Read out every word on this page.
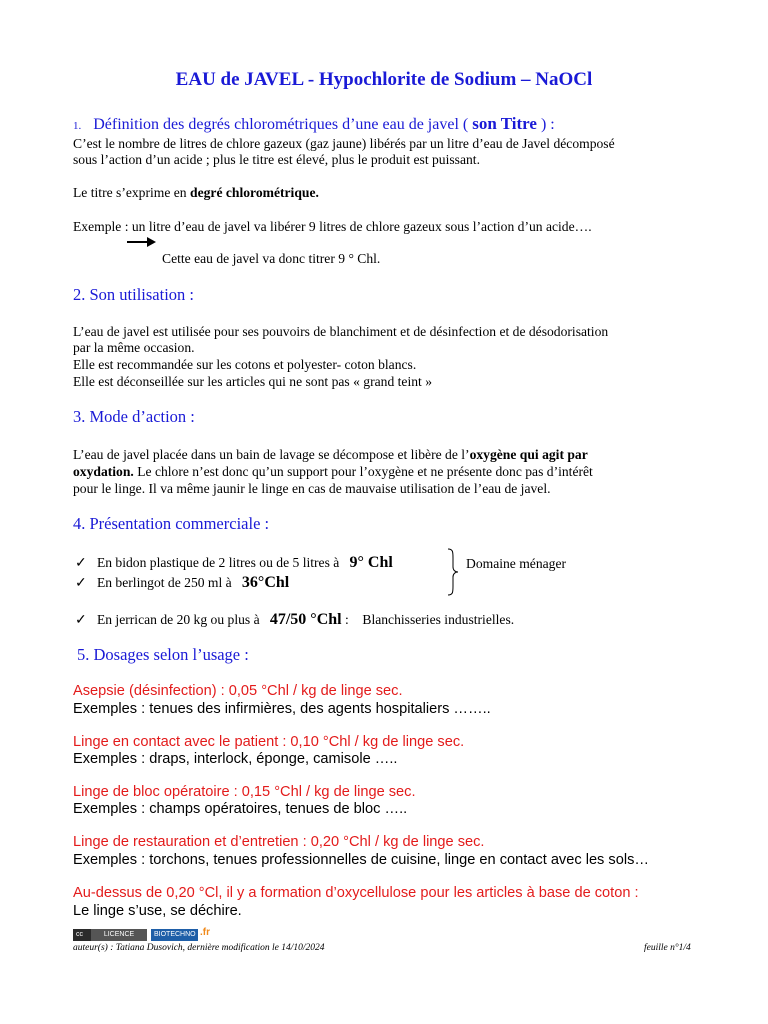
EAU de JAVEL - Hypochlorite de Sodium – NaOCl
1. Définition des degrés chlorométriques d’une eau de javel ( son Titre ) :
C’est le nombre de litres de chlore gazeux (gaz jaune) libérés par un litre d’eau de Javel décomposé
sous l’action d’un acide ; plus le titre est élevé, plus le produit est puissant.
Le titre s’exprime en degré chlorométrique.
Exemple : un litre d’eau de javel va libérer 9 litres de chlore gazeux sous l’action d’un acide….
Cette eau de javel va donc titrer 9 ° Chl.
2. Son utilisation :
L’eau de javel est utilisée pour ses pouvoirs de blanchiment et de désinfection et de désodorisation
par la même occasion.
Elle est recommandée sur les cotons et polyester- coton blancs.
Elle est déconseillée sur les articles qui ne sont pas « grand teint »
3. Mode d’action :
L’eau de javel placée dans un bain de lavage se décompose et libère de l’oxygène qui agit par
oxydation. Le chlore n’est donc qu’un support pour l’oxygène et ne présente donc pas d’intérêt
pour le linge. Il va même jaunir le linge en cas de mauvaise utilisation de l’eau de javel.
4. Présentation commerciale :
✓ En bidon plastique de 2 litres ou de 5 litres à 9° Chl
✓ En berlingot de 250 ml à 36°Chl
Domaine ménager
✓ En jerrican de 20 kg ou plus à 47/50 °Chl : Blanchisseries industrielles.
5. Dosages selon l’usage :
Asepsie (désinfection) : 0,05 °Chl / kg de linge sec.
Exemples : tenues des infirmières, des agents hospitaliers ……..
Linge en contact avec le patient : 0,10 °Chl / kg de linge sec.
Exemples : draps, interlock, éponge, camisole …..
Linge de bloc opératoire : 0,15 °Chl / kg de linge sec.
Exemples : champs opératoires, tenues de bloc …..
Linge de restauration et d’entretien : 0,20 °Chl / kg de linge sec.
Exemples : torchons, tenues professionnelles de cuisine, linge en contact avec les sols…
Au-dessus de 0,20 °Cl, il y a formation d’oxycellulose pour les articles à base de coton :
Le linge s’use, se déchire.
cc	LICENCE	BIOTECHNO .fr
auteur(s) : Tatiana Dusovich, dernière modification le 14/10/2024	feuille n°1/4
